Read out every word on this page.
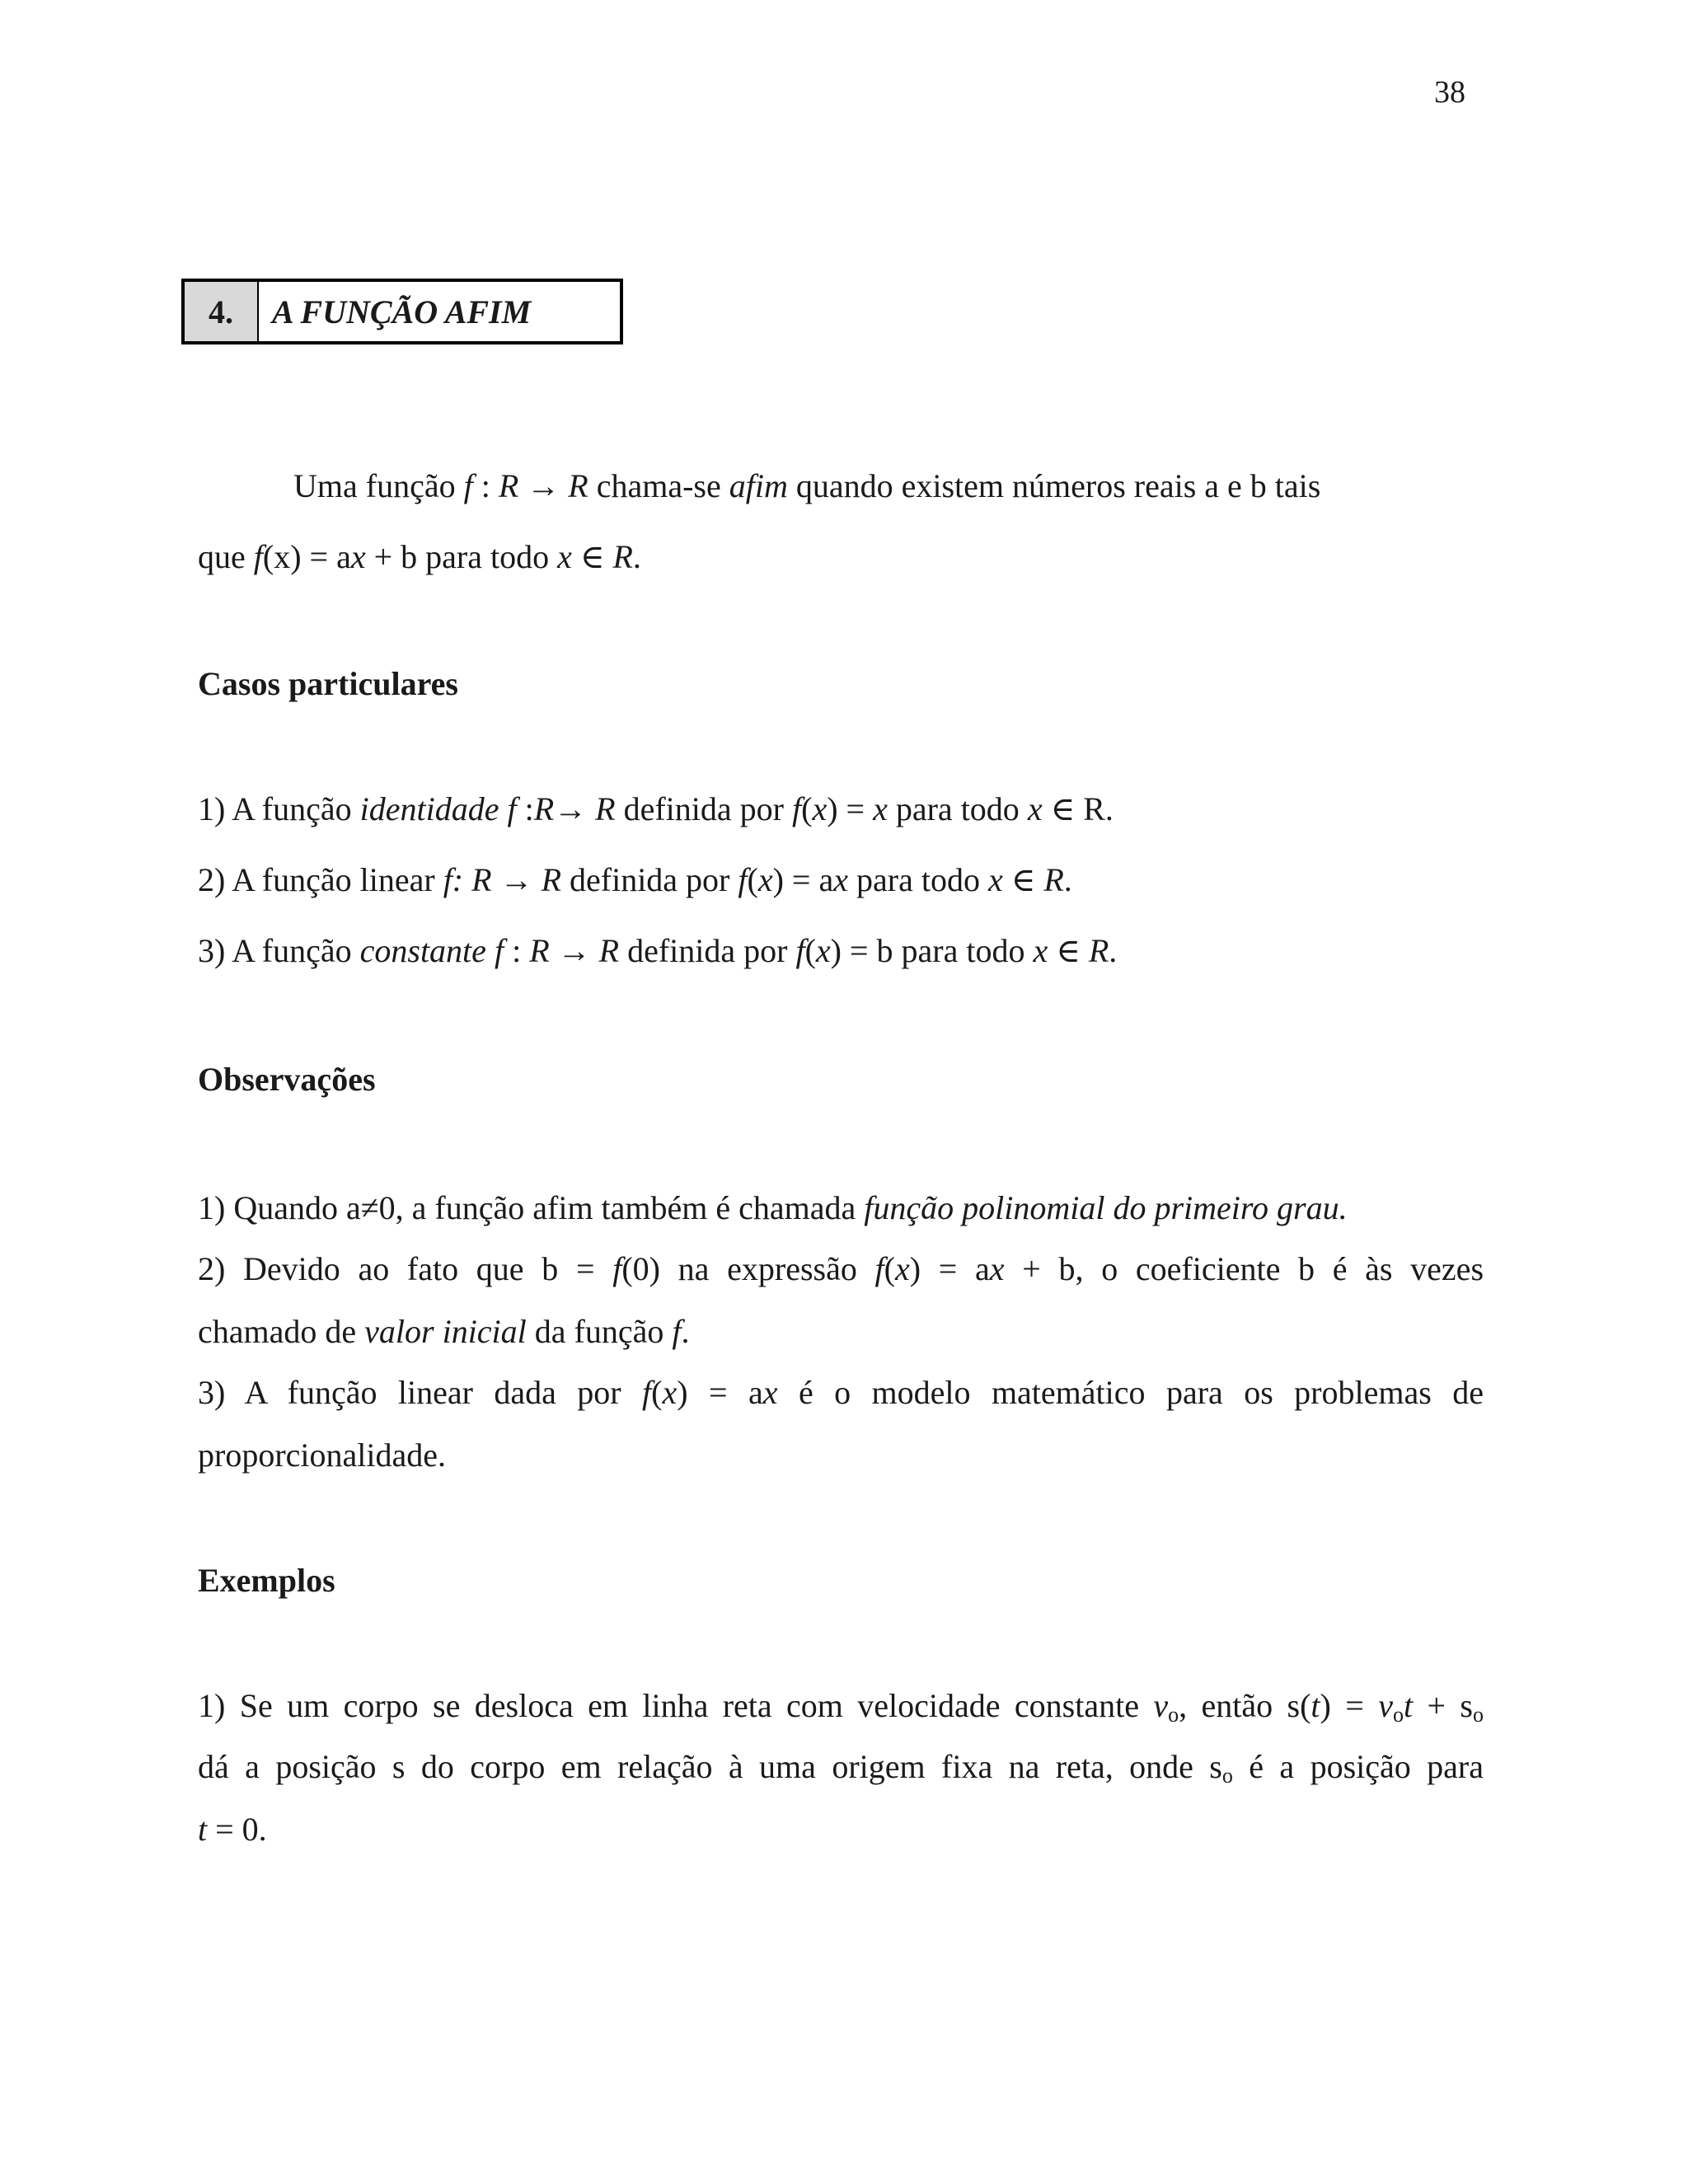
38
4.	A FUNÇÃO AFIM
Uma função f : R → R chama-se afim quando existem números reais a e b tais
que f(x) = ax + b para todo x ∈ R.
Casos particulares
1) A função identidade f :R→ R definida por f(x) = x para todo x ∈ R.
2) A função linear f: R → R definida por f(x) = ax para todo x ∈ R.
3) A função constante f : R → R definida por f(x) = b para todo x ∈ R.
Observações
1) Quando a≠0, a função afim também é chamada função polinomial do primeiro grau.
2) Devido ao fato que b = f(0) na expressão f(x) = ax + b, o coeficiente b é às vezes
chamado de valor inicial da função f.
3) A função linear dada por f(x) = ax é o modelo matemático para os problemas de
proporcionalidade.
Exemplos
1) Se um corpo se desloca em linha reta com velocidade constante $v_o$, então $s(t) = v_ot + s_o$
dá a posição s do corpo em relação à uma origem fixa na reta, onde $s_o$ é a posição para
t = 0.
